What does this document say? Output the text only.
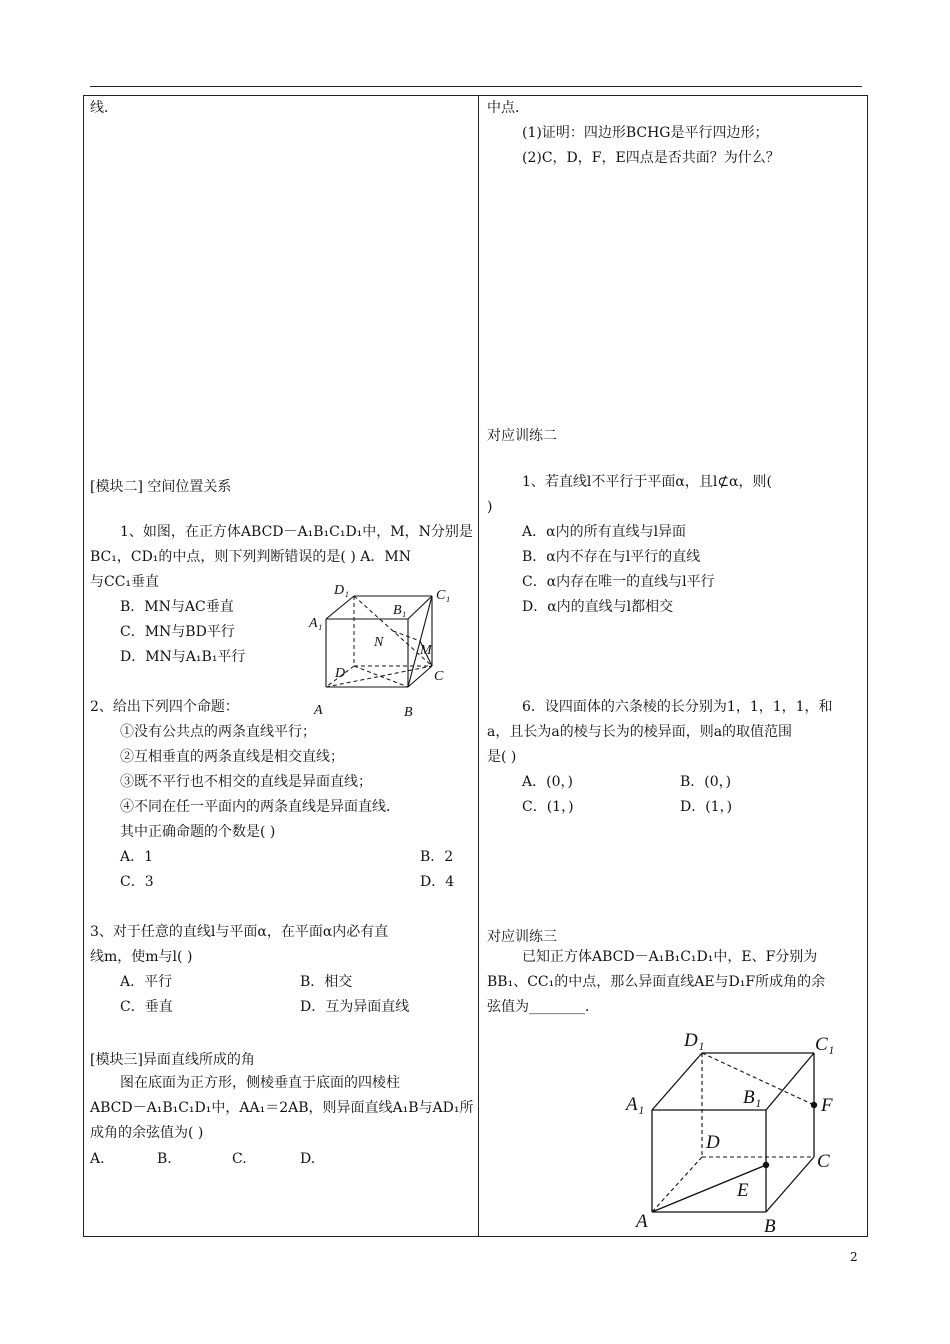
线．
[模块二] 空间位置关系
1、如图，在正方体ABCD－A₁B₁C₁D₁中，M，N分别是
BC₁，CD₁的中点，则下列判断错误的是( ) A．MN
与CC₁垂直
B．MN与AC垂直
C．MN与BD平行
D．MN与A₁B₁平行
D₁	C₁
B₁
A₁
N
M
D	C
A	B
2、给出下列四个命题：
①没有公共点的两条直线平行；
②互相垂直的两条直线是相交直线；
③既不平行也不相交的直线是异面直线；
④不同在任一平面内的两条直线是异面直线．
其中正确命题的个数是( )
A．1	B．2
C．3	D．4
3、对于任意的直线l与平面α，在平面α内必有直
线m，使m与l( )
A．平行	B．相交
C．垂直	D．互为异面直线
[模块三]异面直线所成的角
图在底面为正方形，侧棱垂直于底面的四棱柱
ABCD－A₁B₁C₁D₁中，AA₁＝2AB，则异面直线A₁B与AD₁所
成角的余弦值为( )
A.	B.	C.	D.
中点．
(1)证明：四边形BCHG是平行四边形；
(2)C，D，F，E四点是否共面？为什么？
对应训练二
1、若直线l不平行于平面α，且l⊄α，则(
)
A．α内的所有直线与l异面
B．α内不存在与l平行的直线
C．α内存在唯一的直线与l平行
D．α内的直线与l都相交
6．设四面体的六条棱的长分别为1，1，1，1，和
a，且长为a的棱与长为的棱异面，则a的取值范围
是( )
A．(0，)	B．(0，)
C．(1，)	D．(1，)
对应训练三
已知正方体ABCD－A₁B₁C₁D₁中，E、F分别为
BB₁、CC₁的中点，那么异面直线AE与D₁F所成角的余
弦值为________．
D₁	C₁
B₁
A₁	F
D
C
E
A	B
2
